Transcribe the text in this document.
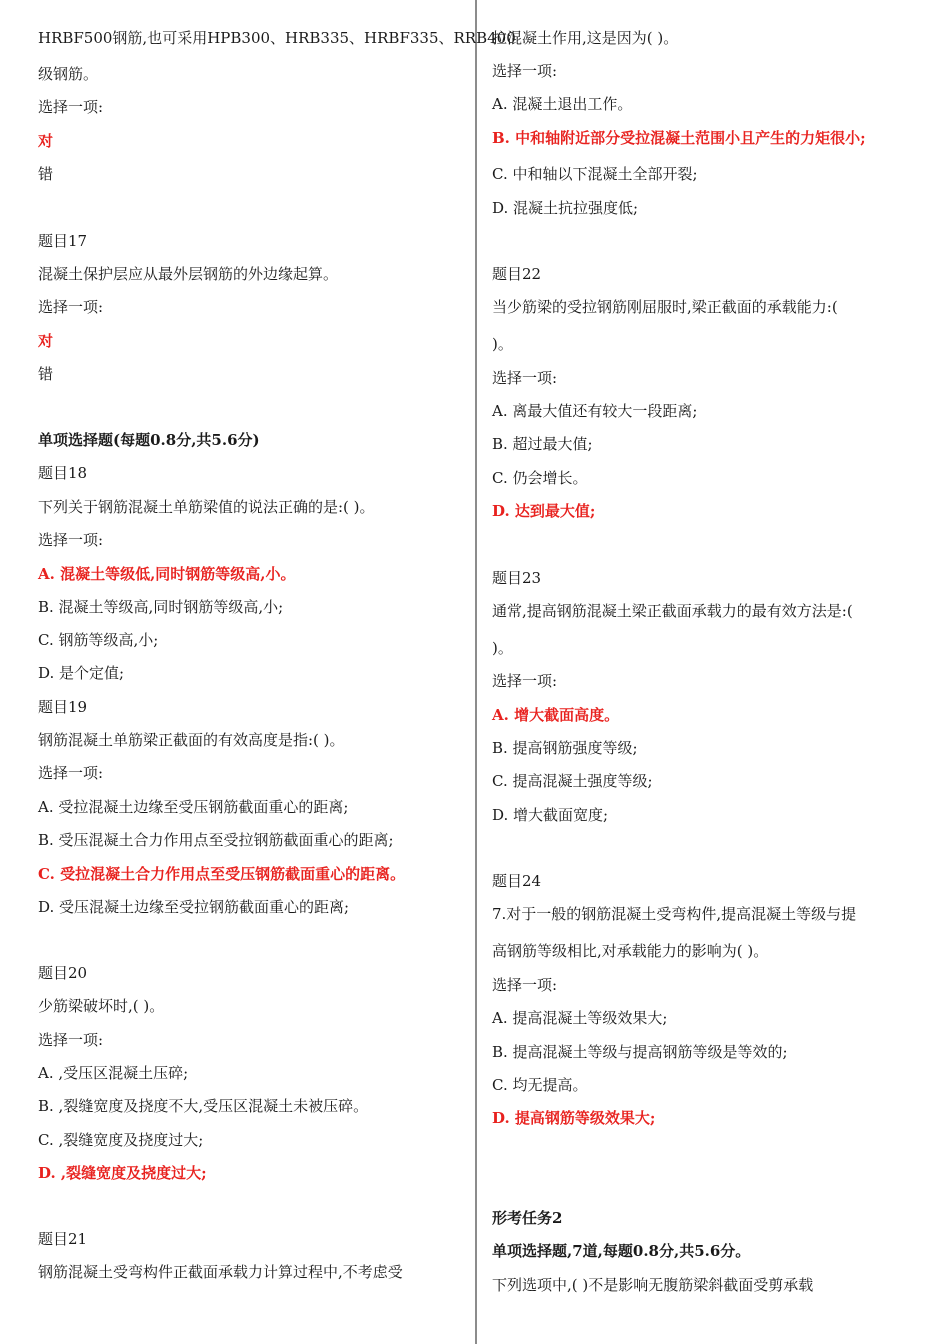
HRBF500钢筋,也可采用HPB300、HRB335、HRBF335、RRB400
级钢筋。
选择一项:
对
错
题目17
混凝土保护层应从最外层钢筋的外边缘起算。
选择一项:
对
错
单项选择题(每题0.8分,共5.6分)
题目18
下列关于钢筋混凝土单筋梁值的说法正确的是:( )。
选择一项:
A. 混凝土等级低,同时钢筋等级高,小。
B. 混凝土等级高,同时钢筋等级高,小;
C. 钢筋等级高,小;
D. 是个定值;
题目19
钢筋混凝土单筋梁正截面的有效高度是指:( )。
选择一项:
A. 受拉混凝土边缘至受压钢筋截面重心的距离;
B. 受压混凝土合力作用点至受拉钢筋截面重心的距离;
C. 受拉混凝土合力作用点至受压钢筋截面重心的距离。
D. 受压混凝土边缘至受拉钢筋截面重心的距离;
题目20
少筋梁破坏时,( )。
选择一项:
A. ,受压区混凝土压碎;
B. ,裂缝宽度及挠度不大,受压区混凝土未被压碎。
C. ,裂缝宽度及挠度过大;
D. ,裂缝宽度及挠度过大;
题目21
钢筋混凝土受弯构件正截面承载力计算过程中,不考虑受
拉混凝土作用,这是因为( )。
选择一项:
A. 混凝土退出工作。
B. 中和轴附近部分受拉混凝土范围小且产生的力矩很小;
C. 中和轴以下混凝土全部开裂;
D. 混凝土抗拉强度低;
题目22
当少筋梁的受拉钢筋刚屈服时,梁正截面的承载能力:(
)。
选择一项:
A. 离最大值还有较大一段距离;
B. 超过最大值;
C. 仍会增长。
D. 达到最大值;
题目23
通常,提高钢筋混凝土梁正截面承载力的最有效方法是:(
)。
选择一项:
A. 增大截面高度。
B. 提高钢筋强度等级;
C. 提高混凝土强度等级;
D. 增大截面宽度;
题目24
7.对于一般的钢筋混凝土受弯构件,提高混凝土等级与提
高钢筋等级相比,对承载能力的影响为( )。
选择一项:
A. 提高混凝土等级效果大;
B. 提高混凝土等级与提高钢筋等级是等效的;
C. 均无提高。
D. 提高钢筋等级效果大;
形考任务2
单项选择题,7道,每题0.8分,共5.6分。
下列选项中,( )不是影响无腹筋梁斜截面受剪承载
